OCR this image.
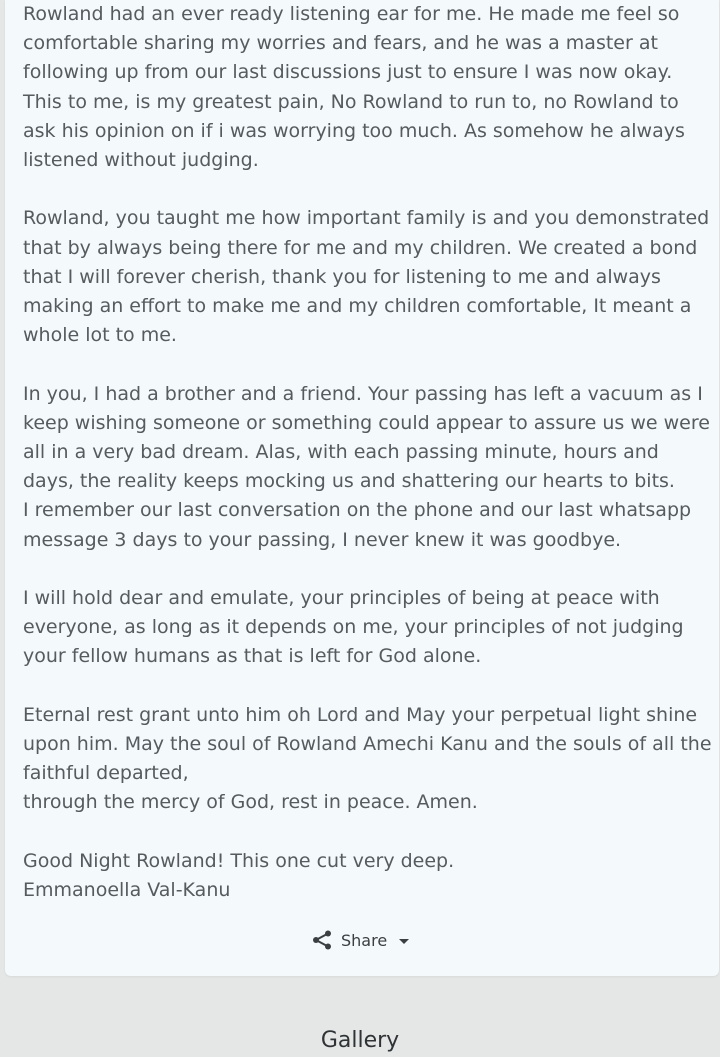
Rowland had an ever ready listening ear for me. He made me feel so comfortable sharing my worries and fears, and he was a master at following up from our last discussions just to ensure I was now okay. This to me, is my greatest pain, No Rowland to run to, no Rowland to ask his opinion on if i was worrying too much. As somehow he always listened without judging.

Rowland, you taught me how important family is and you demonstrated that by always being there for me and my children. We created a bond that I will forever cherish, thank you for listening to me and always making an effort to make me and my children comfortable, It meant a whole lot to me.

In you, I had a brother and a friend. Your passing has left a vacuum as I keep wishing someone or something could appear to assure us we were all in a very bad dream. Alas, with each passing minute, hours and days, the reality keeps mocking us and shattering our hearts to bits.
I remember our last conversation on the phone and our last whatsapp message 3 days to your passing, I never knew it was goodbye.

I will hold dear and emulate, your principles of being at peace with everyone, as long as it depends on me, your principles of not judging your fellow humans as that is left for God alone.

Eternal rest grant unto him oh Lord and May your perpetual light shine upon him. May the soul of Rowland Amechi Kanu and the souls of all the faithful departed,
through the mercy of God, rest in peace. Amen.

Good Night Rowland! This one cut very deep.
Emmanoella Val-Kanu

Share
Gallery
